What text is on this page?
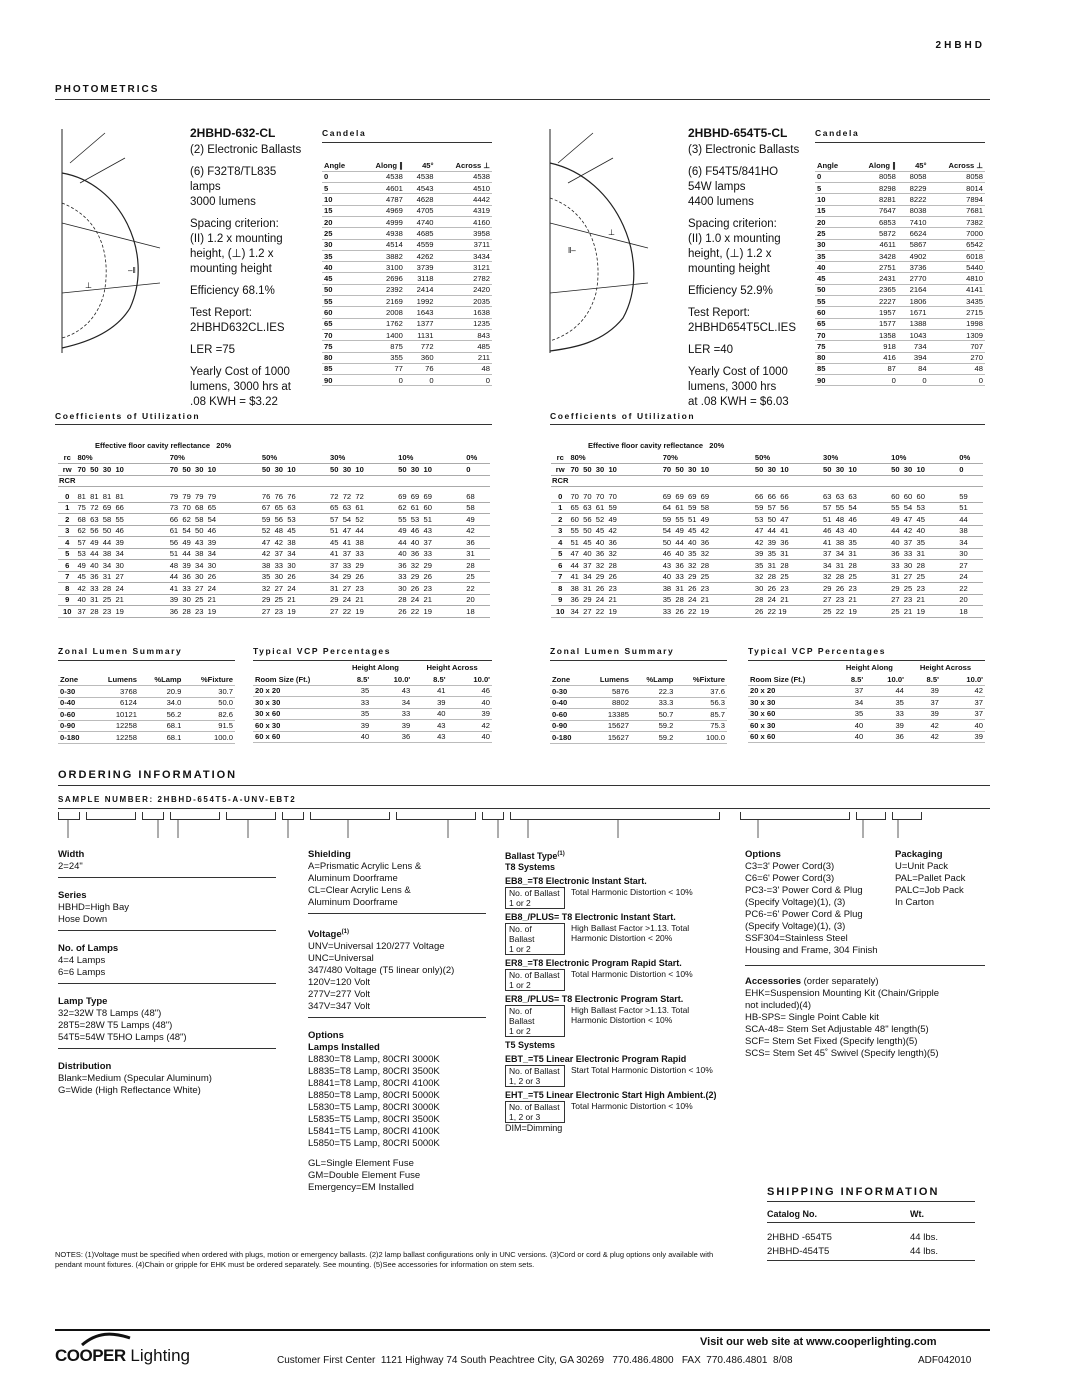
2HBHD
PHOTOMETRICS
‒‖
⊥
2HBHD-632-CL
(2) Electronic Ballasts
(6) F32T8/TL835
lamps
3000 lumens
Spacing criterion:
(II) 1.2 x mounting
height, (⊥) 1.2 x
mounting height
Efficiency 68.1%
Test Report:
2HBHD632CL.IES
LER =75
Yearly Cost of 1000
lumens, 3000 hrs at
.08 KWH = $3.22
Candela
Angle	Along ∥	45°	Across ⊥
0	4538	4538	4538
5	4601	4543	4510
10	4787	4628	4442
15	4969	4705	4319
20	4999	4740	4160
25	4938	4685	3958
30	4514	4559	3711
35	3882	4262	3434
40	3100	3739	3121
45	2696	3118	2782
50	2392	2414	2420
55	2169	1992	2035
60	2008	1643	1638
65	1762	1377	1235
70	1400	1131	843
75	875	772	485
80	355	360	211
85	77	76	48
90	0	0	0
Coefficients of Utilization
Effective floor cavity reflectance   20%
rc	80%	70%	50%	30%	10%	0%
rw	70  50  30  10	70  50  30  10	50  30  10	50  30  10	50  30  10	0
RCR						

0	81  81  81  81	79  79  79  79	76  76  76	72  72  72	69  69  69	68
1	75  72  69  66	73  70  68  65	67  65  63	65  63  61	62  61  60	58
2	68  63  58  55	66  62  58  54	59  56  53	57  54  52	55  53  51	49
3	62  56  50  46	61  54  50  46	52  48  45	51  47  44	49  46  43	42
4	57  49  44  39	56  49  43  39	47  42  38	45  41  38	44  40  37	36
5	53  44  38  34	51  44  38  34	42  37  34	41  37  33	40  36  33	31
6	49  40  34  30	48  39  34  30	38  33  30	37  33  29	36  32  29	28
7	45  36  31  27	44  36  30  26	35  30  26	34  29  26	33  29  26	25
8	42  33  28  24	41  33  27  24	32  27  24	31  27  23	30  26  23	22
9	40  31  25  21	39  30  25  21	29  25  21	29  24  21	28  24  21	20
10	37  28  23  19	36  28  23  19	27  23  19	27  22  19	26  22  19	18
Zonal Lumen Summary
Zone	Lumens	%Lamp	%Fixture
0-30	3768	20.9	30.7
0-40	6124	34.0	50.0
0-60	10121	56.2	82.6
0-90	12258	68.1	91.5
0-180	12258	68.1	100.0
Typical VCP Percentages
	Height Along		Height Across	
Room Size (Ft.)	8.5'	10.0'	8.5'	10.0'
20 x 20	35	43	41	46
30 x 30	33	34	39	40
30 x 60	35	33	40	39
60 x 30	39	39	43	42
60 x 60	40	36	43	40
‖‒
⊥
2HBHD-654T5-CL
(3) Electronic Ballasts
(6) F54T5/841HO
54W lamps
4400 lumens
Spacing criterion:
(II) 1.0 x mounting
height, (⊥) 1.2 x
mounting height
Efficiency 52.9%
Test Report:
2HBHD654T5CL.IES
LER =40
Yearly Cost of 1000
lumens, 3000 hrs
at .08 KWH = $6.03
Candela
Angle	Along ∥	45°	Across ⊥
0	8058	8058	8058
5	8298	8229	8014
10	8281	8222	7894
15	7647	8038	7681
20	6853	7410	7382
25	5872	6624	7000
30	4611	5867	6542
35	3428	4902	6018
40	2751	3736	5440
45	2431	2770	4810
50	2365	2164	4141
55	2227	1806	3435
60	1957	1671	2715
65	1577	1388	1998
70	1358	1043	1309
75	918	734	707
80	416	394	270
85	87	84	48
90	0	0	0
Coefficients of Utilization
Effective floor cavity reflectance   20%
rc	80%	70%	50%	30%	10%	0%
rw	70  50  30  10	70  50  30  10	50  30  10	50  30  10	50  30  10	0
RCR						

0	70  70  70  70	69  69  69  69	66  66  66	63  63  63	60  60  60	59
1	65  63  61  59	64  61  59  58	59  57  56	57  55  54	55  54  53	51
2	60  56  52  49	59  55  51  49	53  50  47	51  48  46	49  47  45	44
3	55  50  45  42	54  49  45  42	47  44  41	46  43  40	44  42  40	38
4	51  45  40  36	50  44  40  36	42  39  36	41  38  35	40  37  35	34
5	47  40  36  32	46  40  35  32	39  35  31	37  34  31	36  33  31	30
6	44  37  32  28	43  36  32  28	35  31  28	34  31  28	33  30  28	27
7	41  34  29  26	40  33  29  25	32  28  25	32  28  25	31  27  25	24
8	38  31  26  23	38  31  26  23	30  26  23	29  26  23	29  25  23	22
9	36  29  24  21	35  28  24  21	28  24  21	27  23  21	27  23  21	20
10	34  27  22  19	33  26  22  19	26  22 19	25  22  19	25  21  19	18
Zonal Lumen Summary
Zone	Lumens	%Lamp	%Fixture
0-30	5876	22.3	37.6
0-40	8802	33.3	56.3
0-60	13385	50.7	85.7
0-90	15627	59.2	75.3
0-180	15627	59.2	100.0
Typical VCP Percentages
	Height Along		Height Across	
Room Size (Ft.)	8.5'	10.0'	8.5'	10.0'
20 x 20	37	44	39	42
30 x 30	34	35	37	37
30 x 60	35	33	39	37
60 x 30	40	39	42	40
60 x 60	40	36	42	39
ORDERING INFORMATION
SAMPLE NUMBER: 2HBHD-654T5-A-UNV-EBT2
Width
2=24"
Series
HBHD=High Bay
Hose Down
No. of Lamps
4=4 Lamps
6=6 Lamps
Lamp Type
32=32W T8 Lamps (48")
28T5=28W T5 Lamps (48")
54T5=54W T5HO Lamps (48")
Distribution
Blank=Medium (Specular Aluminum)
G=Wide (High Reflectance White)
Shielding
A=Prismatic Acrylic Lens &
Aluminum Doorframe
CL=Clear Acrylic Lens &
Aluminum Doorframe
Voltage$^{(1)}$
UNV=Universal 120/277 Voltage
UNC=Universal
347/480 Voltage (T5 linear only)(2)
120V=120 Volt
277V=277 Volt
347V=347 Volt
Options
Lamps Installed
L8830=T8 Lamp, 80CRI 3000K
L8835=T8 Lamp, 80CRI 3500K
L8841=T8 Lamp, 80CRI 4100K
L8850=T8 Lamp, 80CRI 5000K
L5830=T5 Lamp, 80CRI 3000K
L5835=T5 Lamp, 80CRI 3500K
L5841=T5 Lamp, 80CRI 4100K
L5850=T5 Lamp, 80CRI 5000K
GL=Single Element Fuse
GM=Double Element Fuse
Emergency=EM Installed
Ballast Type$^{(1)}$
T8 Systems
EB8_=T8 Electronic Instant Start.
No. of Ballast
1 or 2
Total Harmonic Distortion < 10%
EB8_/PLUS= T8 Electronic Instant Start.
No. of
Ballast
1 or 2
High Ballast Factor >1.13. Total
Harmonic Distortion < 20%
ER8_=T8 Electronic Program Rapid Start.
No. of Ballast
1 or 2
Total Harmonic Distortion < 10%
ER8_/PLUS= T8 Electronic Program Start.
No. of
Ballast
1 or 2
High Ballast Factor >1.13. Total
Harmonic Distortion < 10%
T5 Systems
EBT_=T5 Linear Electronic Program Rapid
No. of Ballast
1, 2 or 3
Start Total Harmonic Distortion < 10%
EHT_=T5 Linear Electronic Start High Ambient.(2)
No. of Ballast
1, 2 or 3
Total Harmonic Distortion < 10%
DIM=Dimming
Options
C3=3' Power Cord(3)
C6=6' Power Cord(3)
PC3-=3' Power Cord & Plug
(Specify Voltage)(1), (3)
PC6-=6' Power Cord & Plug
(Specify Voltage)(1), (3)
SSF304=Stainless Steel
Housing and Frame, 304 Finish
Packaging
U=Unit Pack
PAL=Pallet Pack
PALC=Job Pack
In Carton
Accessories (order separately)
EHK=Suspension Mounting Kit (Chain/Gripple
not included)(4)
HB-SPS= Single Point Cable kit
SCA-48= Stem Set Adjustable 48" length(5)
SCF= Stem Set Fixed (Specify length)(5)
SCS= Stem Set 45˚ Swivel (Specify length)(5)
SHIPPING INFORMATION
Catalog No.	Wt.
2HBHD -654T5	44 lbs.
2HBHD-454T5	44 lbs.
NOTES: (1)Voltage must be specified when ordered with plugs, motion or emergency ballasts. (2)2 lamp ballast configurations only in UNC versions. (3)Cord or cord & plug options only available with pendant mount fixtures. (4)Chain or gripple for EHK must be ordered separately. See mounting. (5)See accessories for information on stem sets.
Visit our web site at www.cooperlighting.com
COOPER Lighting	Customer First Center  1121 Highway 74 South Peachtree City, GA 30269   770.486.4800   FAX  770.486.4801  8/08	ADF042010
